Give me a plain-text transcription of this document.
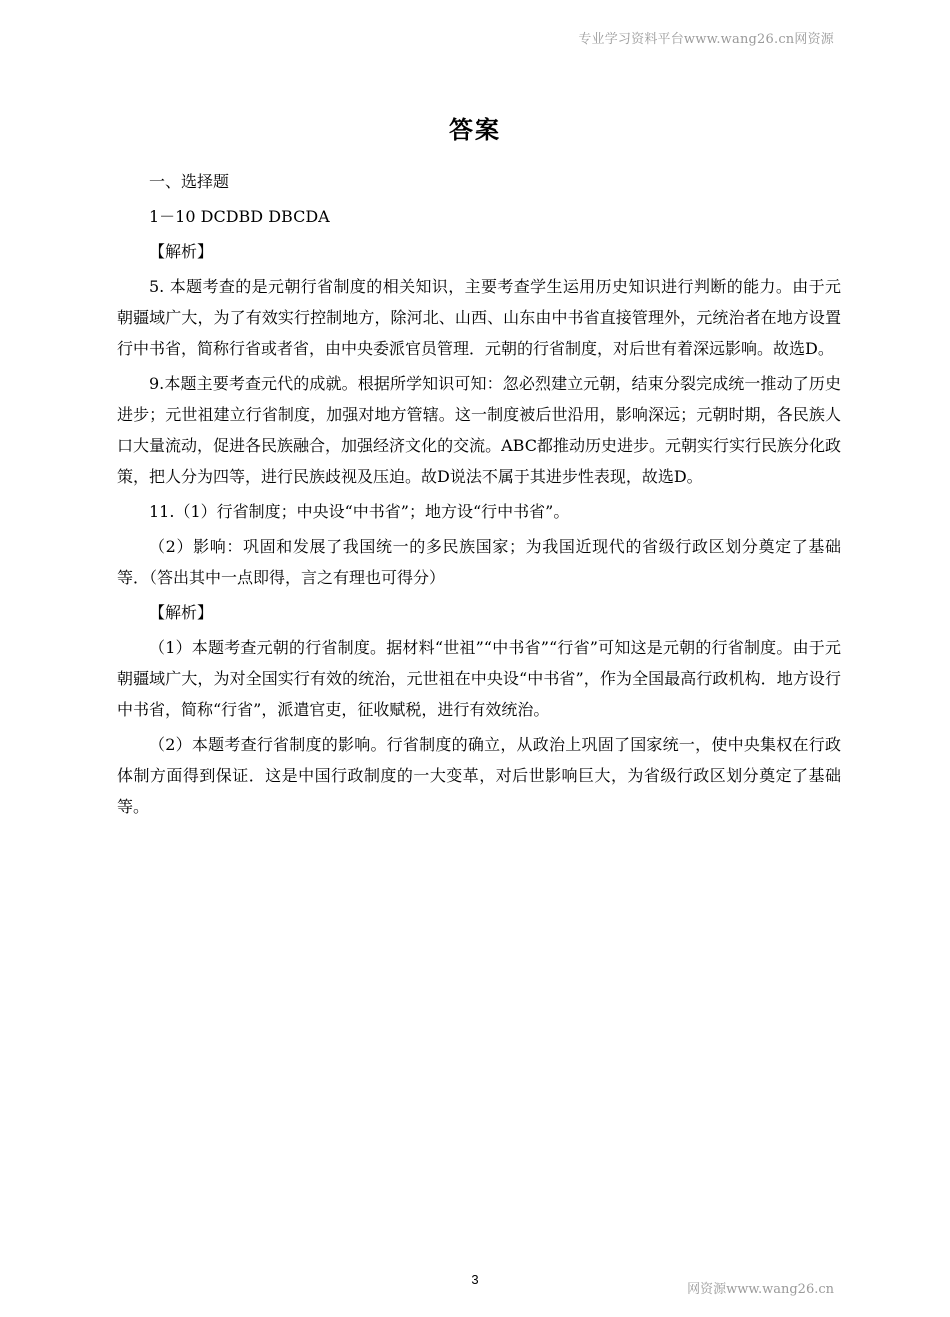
专业学习资料平台www.wang26.cn网资源
答案

一、选择题

1－10 DCDBD DBCDA

【解析】

5. 本题考查的是元朝行省制度的相关知识，主要考查学生运用历史知识进行判断的能力。由于元朝疆域广大，为了有效实行控制地方，除河北、山西、山东由中书省直接管理外，元统治者在地方设置行中书省，简称行省或者省，由中央委派官员管理．元朝的行省制度，对后世有着深远影响。故选D。

9.本题主要考查元代的成就。根据所学知识可知：忽必烈建立元朝，结束分裂完成统一推动了历史进步；元世祖建立行省制度，加强对地方管辖。这一制度被后世沿用，影响深远；元朝时期，各民族人口大量流动，促进各民族融合，加强经济文化的交流。ABC都推动历史进步。元朝实行实行民族分化政策，把人分为四等，进行民族歧视及压迫。故D说法不属于其进步性表现，故选D。

11.（1）行省制度；中央设“中书省”；地方设“行中书省”。

（2）影响：巩固和发展了我国统一的多民族国家；为我国近现代的省级行政区划分奠定了基础等．（答出其中一点即得，言之有理也可得分）

【解析】

（1）本题考查元朝的行省制度。据材料“世祖”“中书省”“行省”可知这是元朝的行省制度。由于元朝疆域广大，为对全国实行有效的统治，元世祖在中央设“中书省”，作为全国最高行政机构．地方设行中书省，简称“行省”，派遣官吏，征收赋税，进行有效统治。

（2）本题考查行省制度的影响。行省制度的确立，从政治上巩固了国家统一，使中央集权在行政体制方面得到保证．这是中国行政制度的一大变革，对后世影响巨大，为省级行政区划分奠定了基础等。

3
网资源www.wang26.cn
